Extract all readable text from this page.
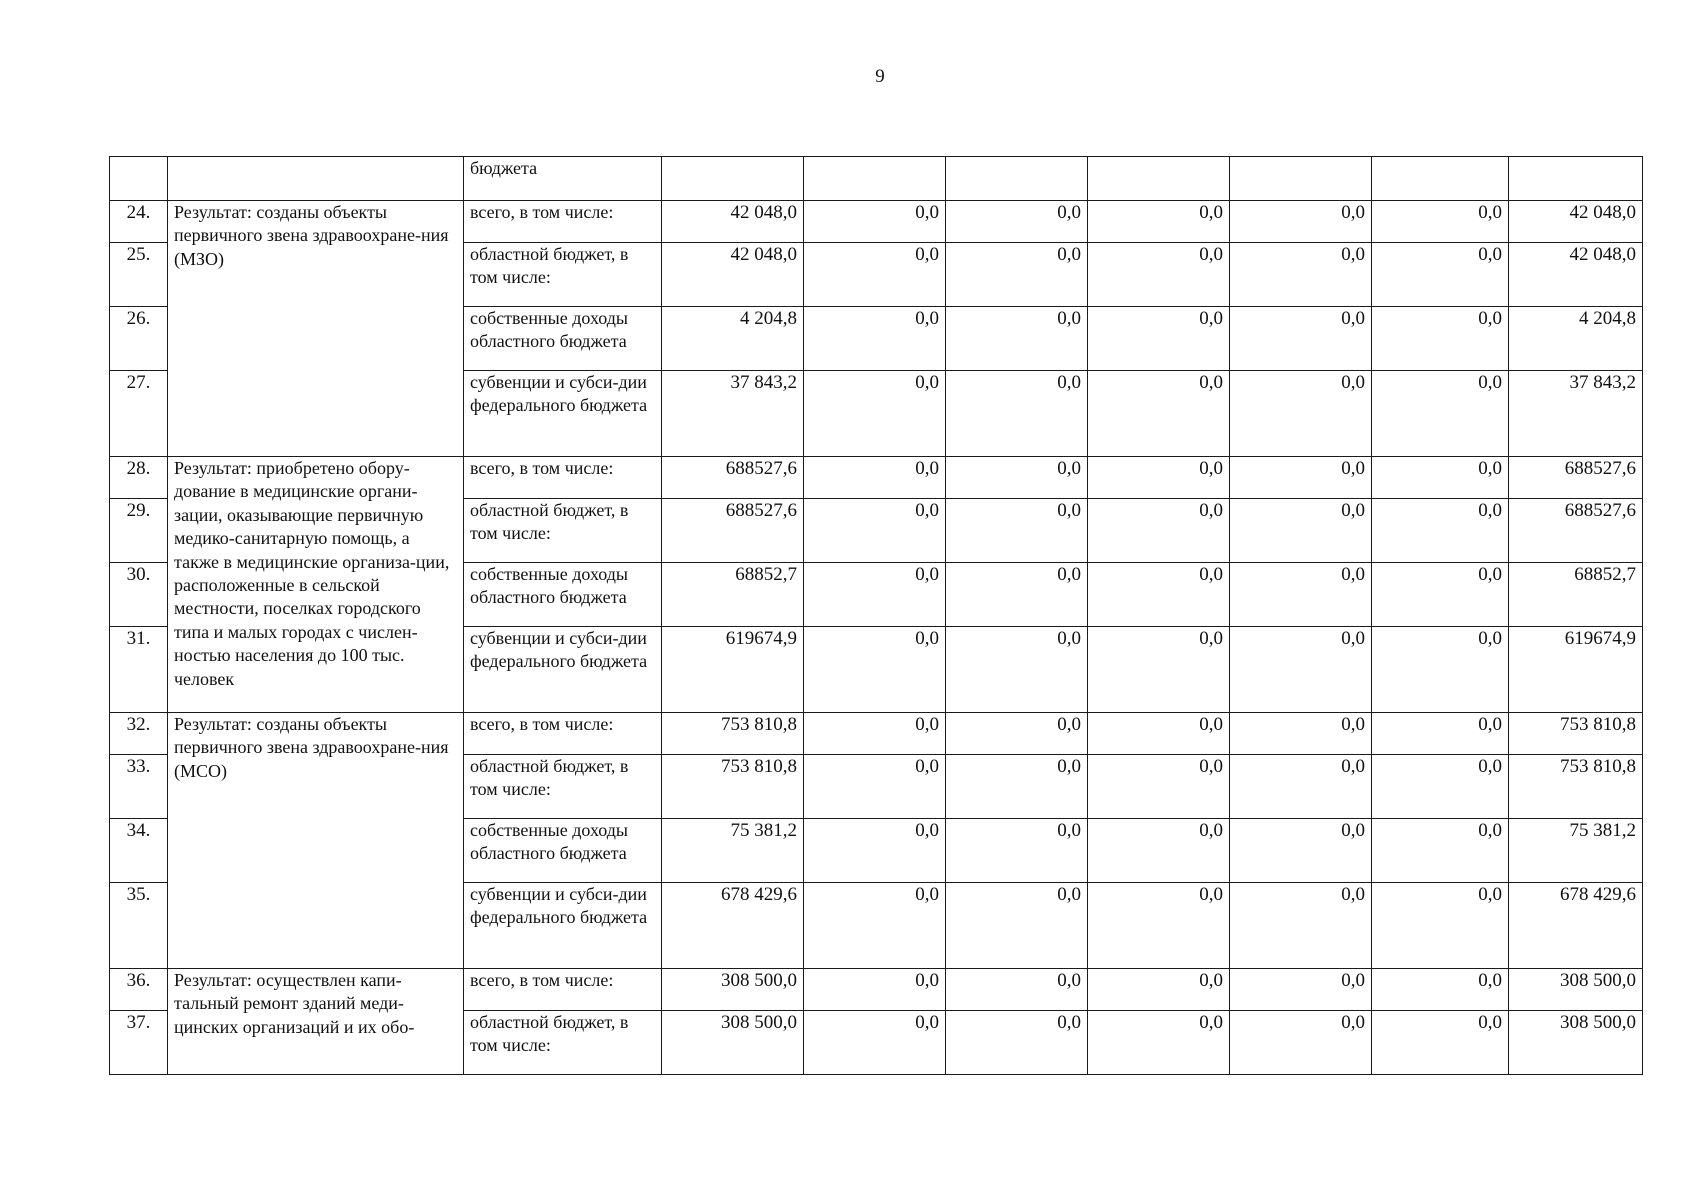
9
		бюджета							
24.	Результат: созданы объекты первичного звена здравоохране-ния (МЗО)	всего, в том числе:	42 048,0	0,0	0,0	0,0	0,0	0,0	42 048,0
25.		областной бюджет, в том числе:	42 048,0	0,0	0,0	0,0	0,0	0,0	42 048,0
26.		собственные доходы областного бюджета	4 204,8	0,0	0,0	0,0	0,0	0,0	4 204,8
27.		субвенции и субси-дии федерального бюджета	37 843,2	0,0	0,0	0,0	0,0	0,0	37 843,2
28.	Результат: приобретено обору-дование в медицинские органи-зации, оказывающие первичную медико-санитарную помощь, а также в медицинские организа-ции, расположенные в сельской местности, поселках городского типа и малых городах с числен-ностью населения до 100 тыс. человек	всего, в том числе:	688527,6	0,0	0,0	0,0	0,0	0,0	688527,6
29.		областной бюджет, в том числе:	688527,6	0,0	0,0	0,0	0,0	0,0	688527,6
30.		собственные доходы областного бюджета	68852,7	0,0	0,0	0,0	0,0	0,0	68852,7
31.		субвенции и субси-дии федерального бюджета	619674,9	0,0	0,0	0,0	0,0	0,0	619674,9
32.	Результат: созданы объекты первичного звена здравоохране-ния (МСО)	всего, в том числе:	753 810,8	0,0	0,0	0,0	0,0	0,0	753 810,8
33.		областной бюджет, в том числе:	753 810,8	0,0	0,0	0,0	0,0	0,0	753 810,8
34.		собственные доходы областного бюджета	75 381,2	0,0	0,0	0,0	0,0	0,0	75 381,2
35.		субвенции и субси-дии федерального бюджета	678 429,6	0,0	0,0	0,0	0,0	0,0	678 429,6
36.	Результат: осуществлен капи-тальный ремонт зданий меди-цинских организаций и их обо-	всего, в том числе:	308 500,0	0,0	0,0	0,0	0,0	0,0	308 500,0
37.		областной бюджет, в том числе:	308 500,0	0,0	0,0	0,0	0,0	0,0	308 500,0
